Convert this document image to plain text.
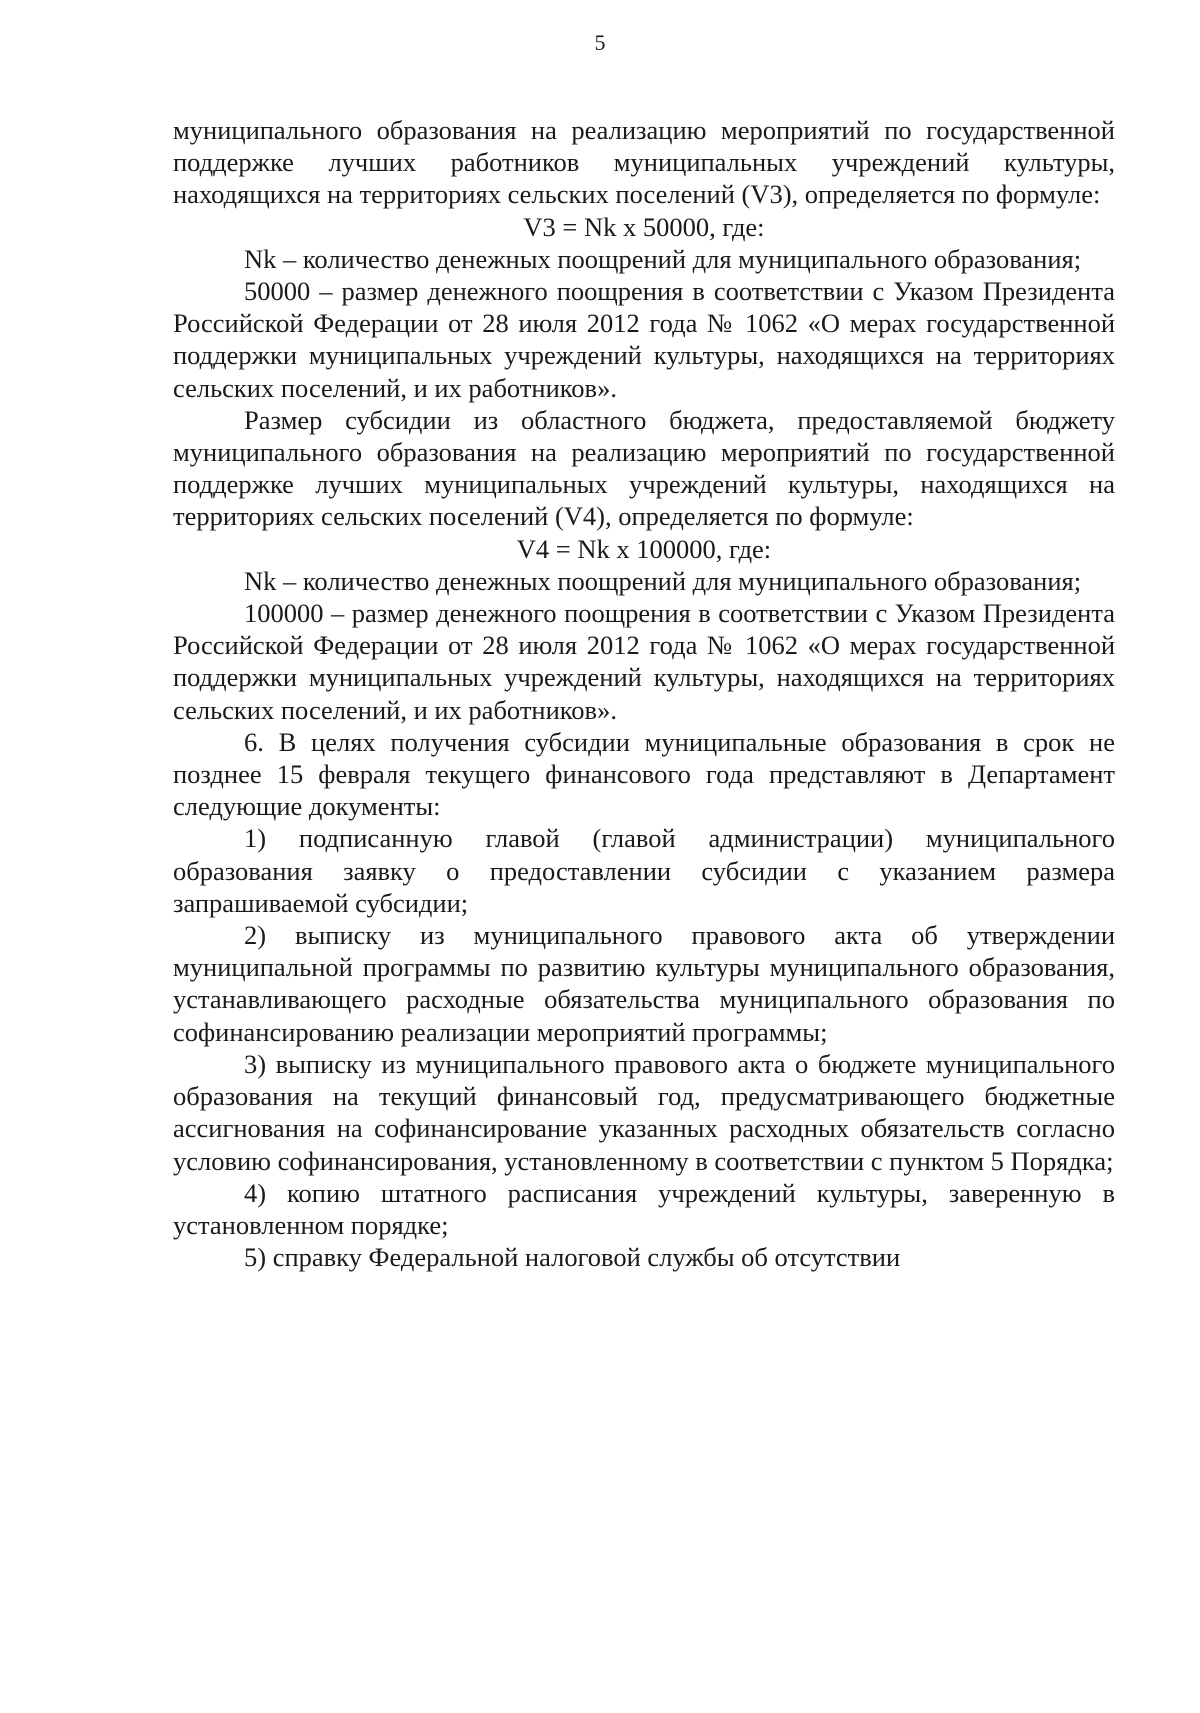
5

муниципального образования на реализацию мероприятий по государственной поддержке лучших работников муниципальных учреждений культуры, находящихся на территориях сельских поселений (V3), определяется по формуле:

V3 = Nk x 50000, где:

Nk – количество денежных поощрений для муниципального образования;

50000 – размер денежного поощрения в соответствии с Указом Президента Российской Федерации от 28 июля 2012 года № 1062 «О мерах государственной поддержки муниципальных учреждений культуры, находящихся на территориях сельских поселений, и их работников».

Размер субсидии из областного бюджета, предоставляемой бюджету муниципального образования на реализацию мероприятий по государственной поддержке лучших муниципальных учреждений культуры, находящихся на территориях сельских поселений (V4), определяется по формуле:

V4 = Nk x 100000, где:

Nk – количество денежных поощрений для муниципального образования;

100000 – размер денежного поощрения в соответствии с Указом Президента Российской Федерации от 28 июля 2012 года № 1062 «О мерах государственной поддержки муниципальных учреждений культуры, находящихся на территориях сельских поселений, и их работников».

6. В целях получения субсидии муниципальные образования в срок не позднее 15 февраля текущего финансового года представляют в Департамент следующие документы:

1) подписанную главой (главой администрации) муниципального образования заявку о предоставлении субсидии с указанием размера запрашиваемой субсидии;

2) выписку из муниципального правового акта об утверждении муниципальной программы по развитию культуры муниципального образования, устанавливающего расходные обязательства муниципального образования по софинансированию реализации мероприятий программы;

3) выписку из муниципального правового акта о бюджете муниципального образования на текущий финансовый год, предусматривающего бюджетные ассигнования на софинансирование указанных расходных обязательств согласно условию софинансирования, установленному в соответствии с пунктом 5 Порядка;

4) копию штатного расписания учреждений культуры, заверенную в установленном порядке;

5) справку Федеральной налоговой службы об отсутствии
